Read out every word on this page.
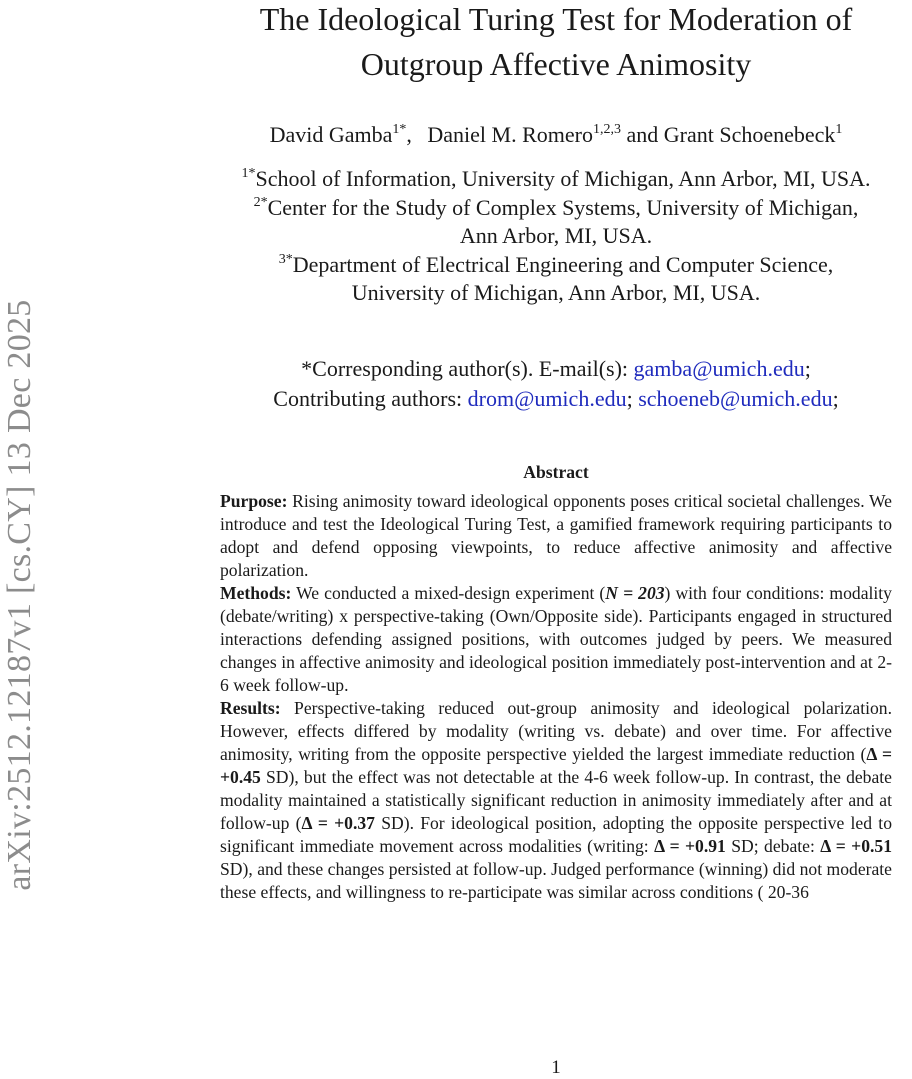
arXiv:2512.12187v1 [cs.CY] 13 Dec 2025
The Ideological Turing Test for Moderation of
Outgroup Affective Animosity
David Gamba$^{1*}$, Daniel M. Romero$^{1,2,3}$ and Grant Schoenebeck$^1$
$^{1*}$School of Information, University of Michigan, Ann Arbor, MI, USA.
$^{2*}$Center for the Study of Complex Systems, University of Michigan,
Ann Arbor, MI, USA.
$^{3*}$Department of Electrical Engineering and Computer Science,
University of Michigan, Ann Arbor, MI, USA.
*Corresponding author(s). E-mail(s): gamba@umich.edu;
Contributing authors: drom@umich.edu; schoeneb@umich.edu;
Abstract

Purpose: Rising animosity toward ideological opponents poses critical societal challenges. We introduce and test the Ideological Turing Test, a gamified framework requiring participants to adopt and defend opposing viewpoints, to reduce affective animosity and affective polarization.

Methods: We conducted a mixed-design experiment (N = 203) with four conditions: modality (debate/writing) x perspective-taking (Own/Opposite side). Participants engaged in structured interactions defending assigned positions, with outcomes judged by peers. We measured changes in affective animosity and ideological position immediately post-intervention and at 2-6 week follow-up.

Results: Perspective-taking reduced out-group animosity and ideological polarization. However, effects differed by modality (writing vs. debate) and over time. For affective animosity, writing from the opposite perspective yielded the largest immediate reduction (Δ = +0.45 SD), but the effect was not detectable at the 4-6 week follow-up. In contrast, the debate modality maintained a statistically significant reduction in animosity immediately after and at follow-up (Δ = +0.37 SD). For ideological position, adopting the opposite perspective led to significant immediate movement across modalities (writing: Δ = +0.91 SD; debate: Δ = +0.51 SD), and these changes persisted at follow-up. Judged performance (winning) did not moderate these effects, and willingness to re-participate was similar across conditions ( 20-36

1
